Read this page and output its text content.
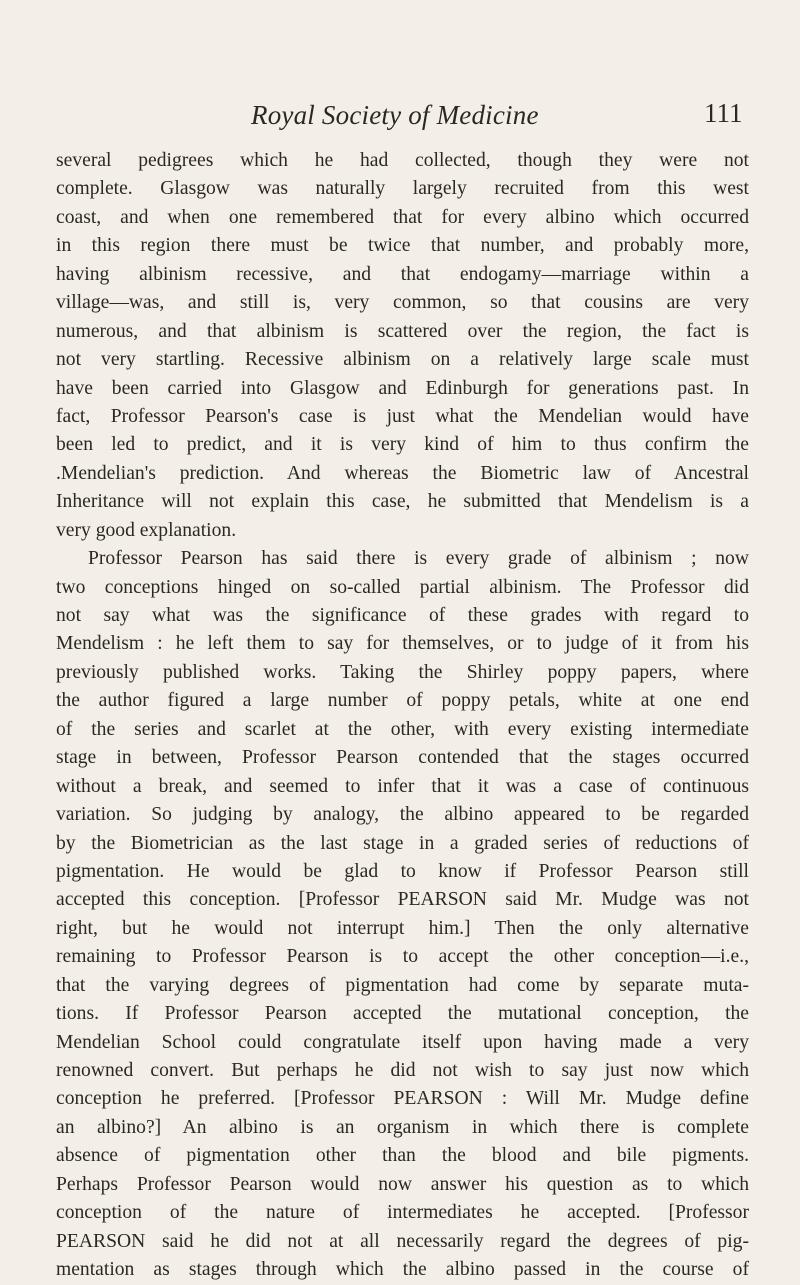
Royal Society of Medicine	111
several pedigrees which he had collected, though they were not
complete. Glasgow was naturally largely recruited from this west
coast, and when one remembered that for every albino which occurred
in this region there must be twice that number, and probably more,
having albinism recessive, and that endogamy—marriage within a
village—was, and still is, very common, so that cousins are very
numerous, and that albinism is scattered over the region, the fact is
not very startling. Recessive albinism on a relatively large scale must
have been carried into Glasgow and Edinburgh for generations past. In
fact, Professor Pearson's case is just what the Mendelian would have
been led to predict, and it is very kind of him to thus confirm the
.Mendelian's prediction. And whereas the Biometric law of Ancestral
Inheritance will not explain this case, he submitted that Mendelism is a
very good explanation.
Professor Pearson has said there is every grade of albinism ; now
two conceptions hinged on so-called partial albinism. The Professor did
not say what was the significance of these grades with regard to
Mendelism : he left them to say for themselves, or to judge of it from his
previously published works. Taking the Shirley poppy papers, where
the author figured a large number of poppy petals, white at one end
of the series and scarlet at the other, with every existing intermediate
stage in between, Professor Pearson contended that the stages occurred
without a break, and seemed to infer that it was a case of continuous
variation. So judging by analogy, the albino appeared to be regarded
by the Biometrician as the last stage in a graded series of reductions of
pigmentation. He would be glad to know if Professor Pearson still
accepted this conception. [Professor PEARSON said Mr. Mudge was not
right, but he would not interrupt him.] Then the only alternative
remaining to Professor Pearson is to accept the other conception—i.e.,
that the varying degrees of pigmentation had come by separate muta-
tions. If Professor Pearson accepted the mutational conception, the
Mendelian School could congratulate itself upon having made a very
renowned convert. But perhaps he did not wish to say just now which
conception he preferred. [Professor PEARSON : Will Mr. Mudge define
an albino?] An albino is an organism in which there is complete
absence of pigmentation other than the blood and bile pigments.
Perhaps Professor Pearson would now answer his question as to which
conception of the nature of intermediates he accepted. [Professor
PEARSON said he did not at all necessarily regard the degrees of pig-
mentation as stages through which the albino passed in the course of
